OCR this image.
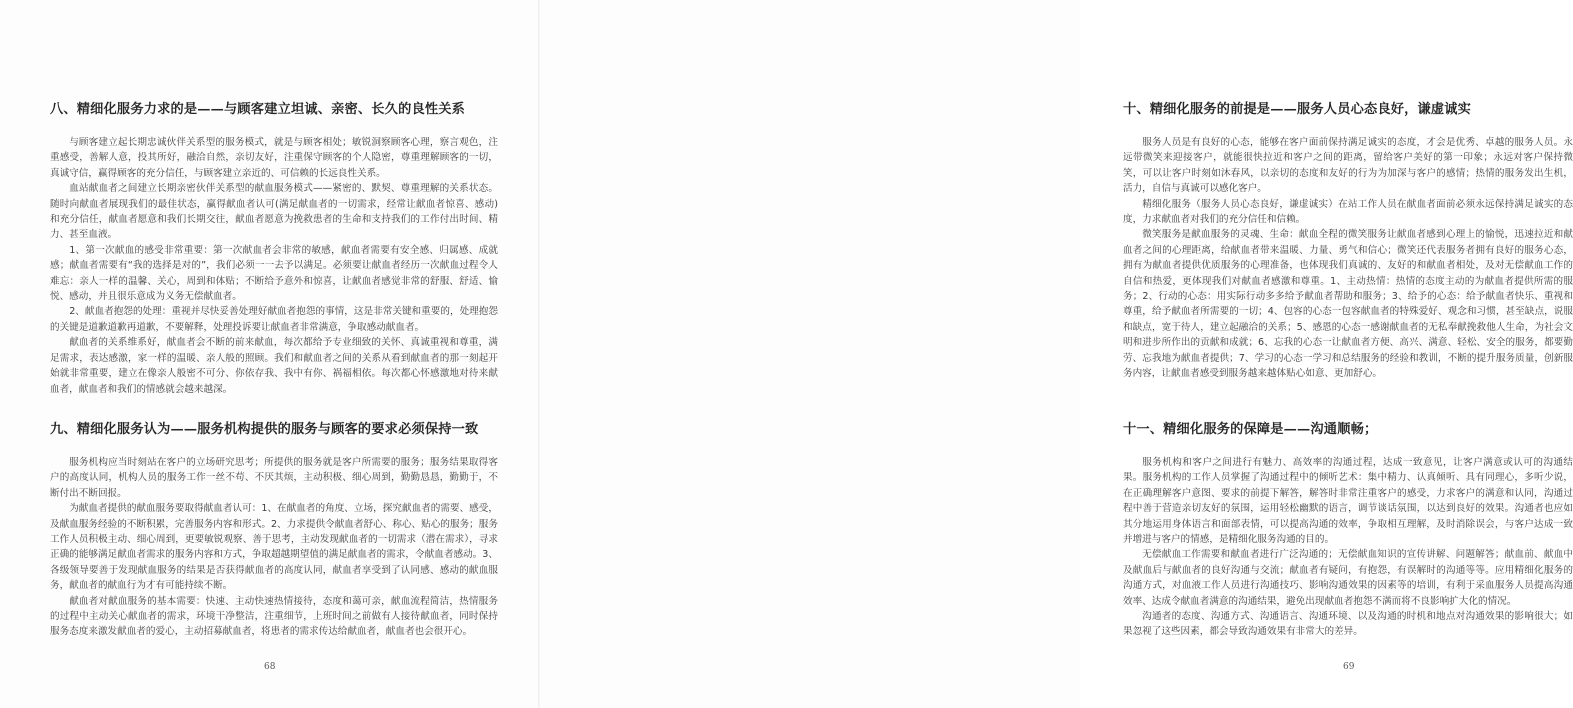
八、精细化服务力求的是——与顾客建立坦诚、亲密、长久的良性关系

与顾客建立起长期忠诚伙伴关系型的服务模式，就是与顾客相处；敏锐洞察顾客心理，察言观色，注重感受，善解人意，投其所好，融洽自然，亲切友好，注重保守顾客的个人隐密，尊重理解顾客的一切，真诚守信，赢得顾客的充分信任，与顾客建立亲近的、可信赖的长远良性关系。

血站献血者之间建立长期亲密伙伴关系型的献血服务模式——紧密的、默契、尊重理解的关系状态。随时向献血者展现我们的最佳状态，赢得献血者认可(满足献血者的一切需求，经常让献血者惊喜、感动)和充分信任，献血者愿意和我们长期交往，献血者愿意为挽救患者的生命和支持我们的工作付出时间、精力、甚至血液。

1、第一次献血的感受非常重要：第一次献血者会非常的敏感，献血者需要有安全感、归属感、成就感；献血者需要有“我的选择是对的”，我们必须一一去予以满足。必须要让献血者经历一次献血过程令人难忘：亲人一样的温馨、关心，周到和体贴；不断给予意外和惊喜，让献血者感觉非常的舒服、舒适、愉悦、感动，并且很乐意成为义务无偿献血者。

2、献血者抱怨的处理：重视并尽快妥善处理好献血者抱怨的事情，这是非常关键和重要的，处理抱怨的关键是道歉道歉再道歉，不要解释，处理投诉要让献血者非常满意，争取感动献血者。

献血者的关系维系好，献血者会不断的前来献血，每次都给予专业细致的关怀、真诚重视和尊重，满足需求，表达感激，家一样的温暖、亲人般的照顾。我们和献血者之间的关系从看到献血者的那一刻起开始就非常重要，建立在像亲人般密不可分、你依存我、我中有你、祸福相依。每次都心怀感激地对待来献血者，献血者和我们的情感就会越来越深。

九、精细化服务认为——服务机构提供的服务与顾客的要求必须保持一致

服务机构应当时刻站在客户的立场研究思考；所提供的服务就是客户所需要的服务；服务结果取得客户的高度认同，机构人员的服务工作一丝不苟、不厌其烦，主动积极、细心周到，勤勤恳恳，勤勤于，不断付出不断回报。

为献血者提供的献血服务要取得献血者认可：1、在献血者的角度、立场，探究献血者的需要、感受，及献血服务经验的不断积累，完善服务内容和形式。2、力求提供令献血者舒心、称心、贴心的服务；服务工作人员积极主动、细心周到，更要敏锐观察、善于思考，主动发现献血者的一切需求（潜在需求），寻求正确的能够满足献血者需求的服务内容和方式，争取超越期望值的满足献血者的需求，令献血者感动。3、各级领导要善于发现献血服务的结果是否获得献血者的高度认同，献血者享受到了认同感、感动的献血服务，献血者的献血行为才有可能持续不断。

献血者对献血服务的基本需要：快速、主动快速热情接待，态度和蔼可亲，献血流程简洁，热情服务的过程中主动关心献血者的需求，环境干净整洁，注重细节，上班时间之前做有人接待献血者，同时保持服务态度来激发献血者的爱心，主动招募献血者，将患者的需求传达给献血者，献血者也会很开心。

68
十、精细化服务的前提是——服务人员心态良好，谦虚诚实

服务人员是有良好的心态，能够在客户面前保持满足诚实的态度，才会是优秀、卓越的服务人员。永远带微笑来迎接客户，就能很快拉近和客户之间的距离，留给客户美好的第一印象；永远对客户保持微笑，可以让客户时刻如沐春风，以亲切的态度和友好的行为为加深与客户的感情；热情的服务发出生机，活力，自信与真诚可以感化客户。

精细化服务（服务人员心态良好，谦虚诚实）在站工作人员在献血者面前必须永远保持满足诚实的态度，力求献血者对我们的充分信任和信赖。

微笑服务是献血服务的灵魂、生命：献血全程的微笑服务让献血者感到心理上的愉悦，迅速拉近和献血者之间的心理距离，给献血者带来温暖、力量、勇气和信心；微笑还代表服务者拥有良好的服务心态，拥有为献血者提供优质服务的心理准备，也体现我们真诚的、友好的和献血者相处，及对无偿献血工作的自信和热爱，更体现我们对献血者感激和尊重。1、主动热情：热情的态度主动的为献血者提供所需的服务；2、行动的心态：用实际行动多多给予献血者帮助和服务；3、给予的心态：给予献血者快乐、重视和尊重，给予献血者所需要的一切；4、包容的心态一包容献血者的特殊爱好、观念和习惯，甚至缺点，说服和缺点，宽于待人，建立起融洽的关系；5、感恩的心态一感谢献血者的无私奉献挽救他人生命，为社会文明和进步所作出的贡献和成就；6、忘我的心态一让献血者方便、高兴、满意、轻松、安全的服务，都要勤劳、忘我地为献血者提供；7、学习的心态一学习和总结服务的经验和教训，不断的提升服务质量，创新服务内容，让献血者感受到服务越来越体贴心如意、更加舒心。

十一、精细化服务的保障是——沟通顺畅；

服务机构和客户之间进行有魅力、高效率的沟通过程，达成一致意见，让客户满意或认可的沟通结果。服务机构的工作人员掌握了沟通过程中的倾听艺术：集中精力、认真倾听、具有同理心，多听少说，在正确理解客户意图、要求的前提下解答，解答时非常注重客户的感受，力求客户的满意和认同，沟通过程中善于营造亲切友好的氛围，运用轻松幽默的语言，调节谈话氛围，以达到良好的效果。沟通者也应如其分地运用身体语言和面部表情，可以提高沟通的效率，争取相互理解，及时消除误会，与客户达成一致并增进与客户的情感，是精细化服务沟通的目的。

无偿献血工作需要和献血者进行广泛沟通的；无偿献血知识的宣传讲解、问题解答；献血前、献血中及献血后与献血者的良好沟通与交流；献血者有疑问，有抱怨，有误解时的沟通等等。应用精细化服务的沟通方式，对血液工作人员进行沟通技巧、影响沟通效果的因素等的培训，有利于采血服务人员提高沟通效率、达成令献血者满意的沟通结果，避免出现献血者抱怨不满而将不良影响扩大化的情况。

沟通者的态度、沟通方式、沟通语言、沟通环境、以及沟通的时机和地点对沟通效果的影响很大；如果忽视了这些因素，都会导致沟通效果有非常大的差异。

69
